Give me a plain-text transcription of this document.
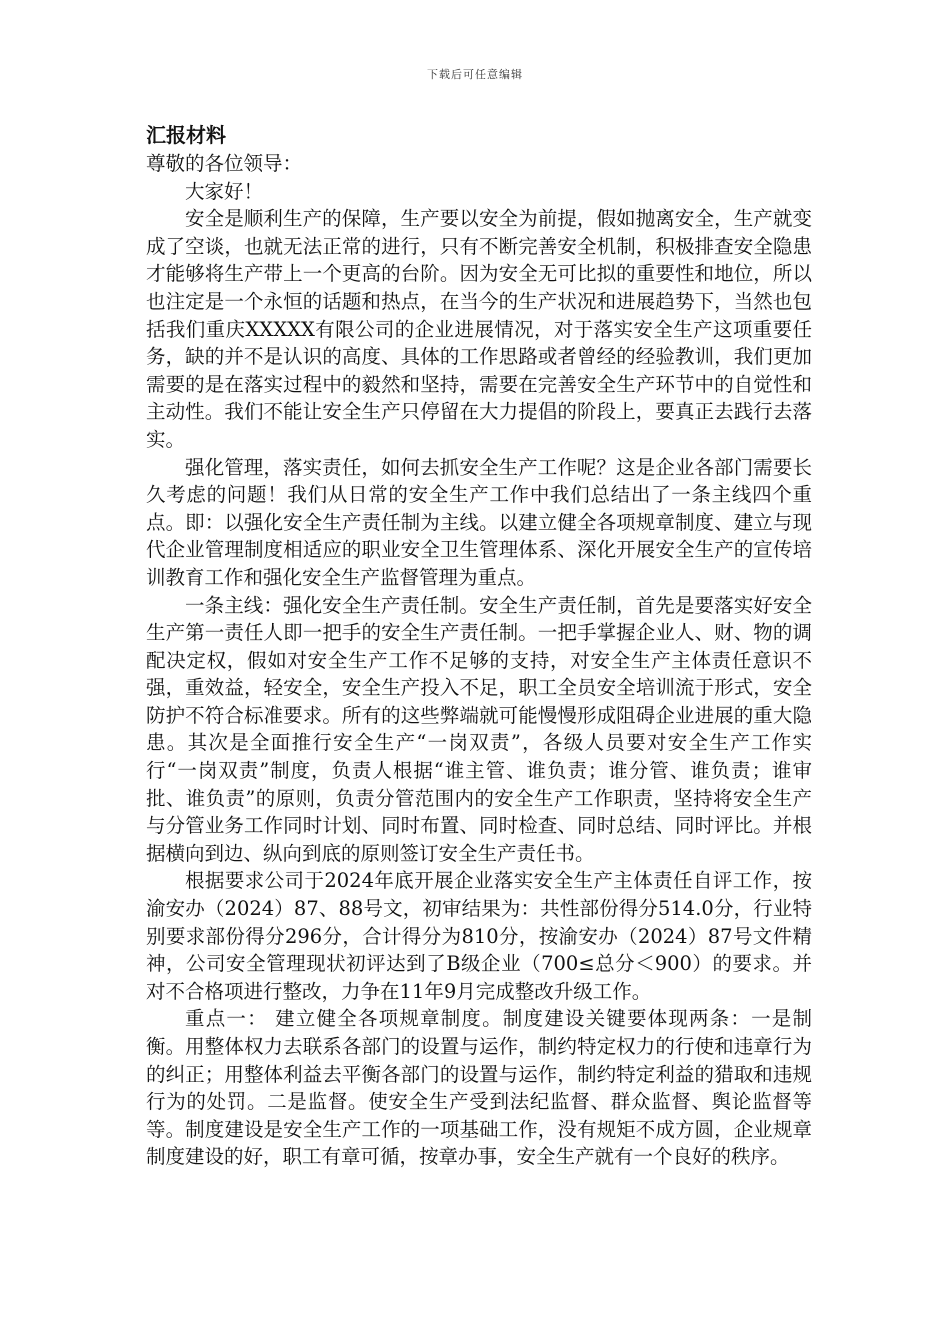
下载后可任意编辑

汇报材料

尊敬的各位领导：

大家好！

安全是顺利生产的保障，生产要以安全为前提，假如抛离安全，生产就变成了空谈，也就无法正常的进行，只有不断完善安全机制，积极排查安全隐患才能够将生产带上一个更高的台阶。因为安全无可比拟的重要性和地位，所以也注定是一个永恒的话题和热点，在当今的生产状况和进展趋势下，当然也包括我们重庆XXXXX有限公司的企业进展情况，对于落实安全生产这项重要任务，缺的并不是认识的高度、具体的工作思路或者曾经的经验教训，我们更加需要的是在落实过程中的毅然和坚持，需要在完善安全生产环节中的自觉性和主动性。我们不能让安全生产只停留在大力提倡的阶段上，要真正去践行去落实。

强化管理，落实责任，如何去抓安全生产工作呢？这是企业各部门需要长久考虑的问题！我们从日常的安全生产工作中我们总结出了一条主线四个重点。即：以强化安全生产责任制为主线。以建立健全各项规章制度、建立与现代企业管理制度相适应的职业安全卫生管理体系、深化开展安全生产的宣传培训教育工作和强化安全生产监督管理为重点。

一条主线：强化安全生产责任制。安全生产责任制，首先是要落实好安全生产第一责任人即一把手的安全生产责任制。一把手掌握企业人、财、物的调配决定权，假如对安全生产工作不足够的支持，对安全生产主体责任意识不强，重效益，轻安全，安全生产投入不足，职工全员安全培训流于形式，安全防护不符合标准要求。所有的这些弊端就可能慢慢形成阻碍企业进展的重大隐患。其次是全面推行安全生产“一岗双责”，各级人员要对安全生产工作实行“一岗双责”制度，负责人根据“谁主管、谁负责；谁分管、谁负责；谁审批、谁负责”的原则，负责分管范围内的安全生产工作职责，坚持将安全生产与分管业务工作同时计划、同时布置、同时检查、同时总结、同时评比。并根据横向到边、纵向到底的原则签订安全生产责任书。

根据要求公司于2024年底开展企业落实安全生产主体责任自评工作，按渝安办（2024）87、88号文，初审结果为：共性部份得分514.0分，行业特别要求部份得分296分，合计得分为810分，按渝安办（2024）87号文件精神，公司安全管理现状初评达到了B级企业（700≤总分＜900）的要求。并对不合格项进行整改，力争在11年9月完成整改升级工作。

重点一： 建立健全各项规章制度。制度建设关键要体现两条：一是制衡。用整体权力去联系各部门的设置与运作，制约特定权力的行使和违章行为的纠正；用整体利益去平衡各部门的设置与运作，制约特定利益的猎取和违规行为的处罚。二是监督。使安全生产受到法纪监督、群众监督、舆论监督等等。制度建设是安全生产工作的一项基础工作，没有规矩不成方圆，企业规章制度建设的好，职工有章可循，按章办事，安全生产就有一个良好的秩序。
